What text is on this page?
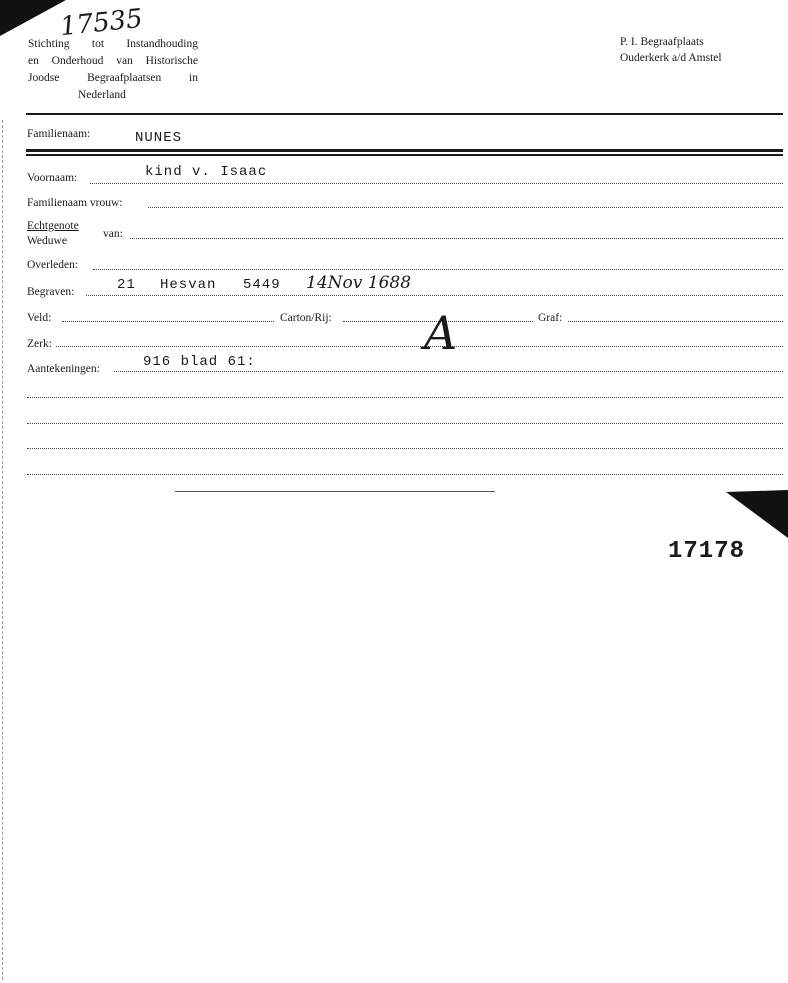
17535
Stichting tot Instandhouding
en Onderhoud van Historische
Joodse Begraafplaatsen in
Nederland
P. I. Begraafplaats
Ouderkerk a/d Amstel
Familienaam:	NUNES
Voornaam:	kind v. Isaac
Familienaam vrouw:
Echtgenote
Weduwe
van:
Overleden:
Begraven:	21 Hesvan 5449 14Nov 1688
Veld:	Carton/Rij:	Graf:
Zerk:	A
Aantekeningen:	916 blad 61:
17178
